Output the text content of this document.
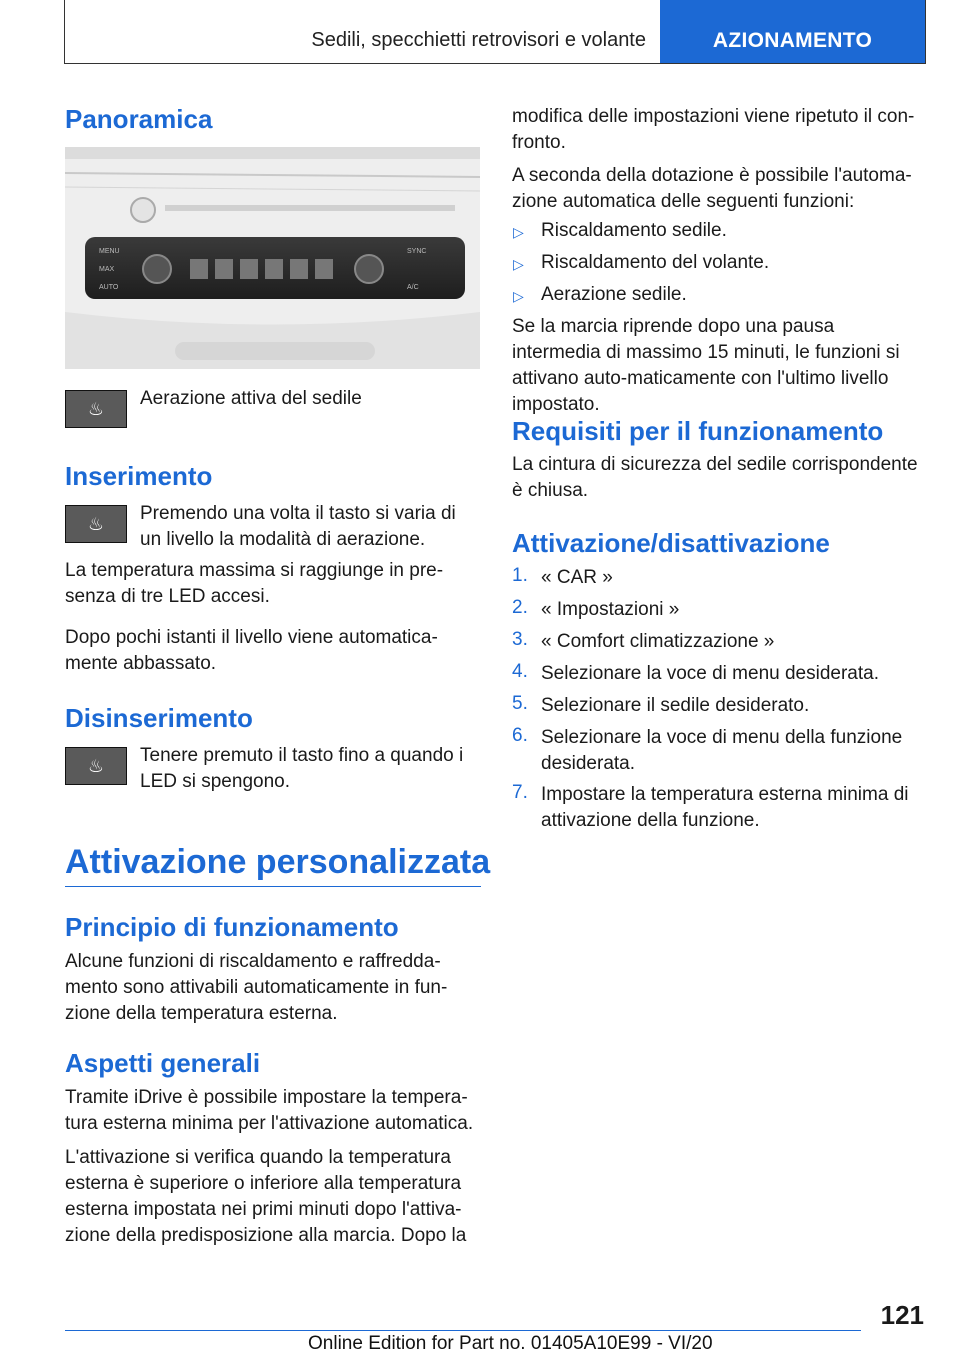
Sedili, specchietti retrovisori e volante	AZIONAMENTO
Panoramica
MENU
MAX
AUTO
SYNC
A/C
♨ Aerazione attiva del sedile
Inserimento
♨ Premendo una volta il tasto si varia di un livello la modalità di aerazione.
La temperatura massima si raggiunge in pre-senza di tre LED accesi.
Dopo pochi istanti il livello viene automatica-mente abbassato.
Disinserimento
♨ Tenere premuto il tasto fino a quando i LED si spengono.
Attivazione personalizzata
Principio di funzionamento
Alcune funzioni di riscaldamento e raffredda-mento sono attivabili automaticamente in fun-zione della temperatura esterna.
Aspetti generali
Tramite iDrive è possibile impostare la tempera-tura esterna minima per l'attivazione automatica.
L'attivazione si verifica quando la temperatura esterna è superiore o inferiore alla temperatura esterna impostata nei primi minuti dopo l'attiva-zione della predisposizione alla marcia. Dopo la
modifica delle impostazioni viene ripetuto il con-fronto.
A seconda della dotazione è possibile l'automa-zione automatica delle seguenti funzioni:
▷ Riscaldamento sedile.
▷ Riscaldamento del volante.
▷ Aerazione sedile.
Se la marcia riprende dopo una pausa intermedia di massimo 15 minuti, le funzioni si attivano auto-maticamente con l'ultimo livello impostato.
Requisiti per il funzionamento
La cintura di sicurezza del sedile corrispondente è chiusa.
Attivazione/disattivazione
1. « CAR »
2. « Impostazioni »
3. « Comfort climatizzazione »
4. Selezionare la voce di menu desiderata.
5. Selezionare il sedile desiderato.
6. Selezionare la voce di menu della funzione desiderata.
7. Impostare la temperatura esterna minima di attivazione della funzione.
121
Online Edition for Part no. 01405A10E99 - VI/20
